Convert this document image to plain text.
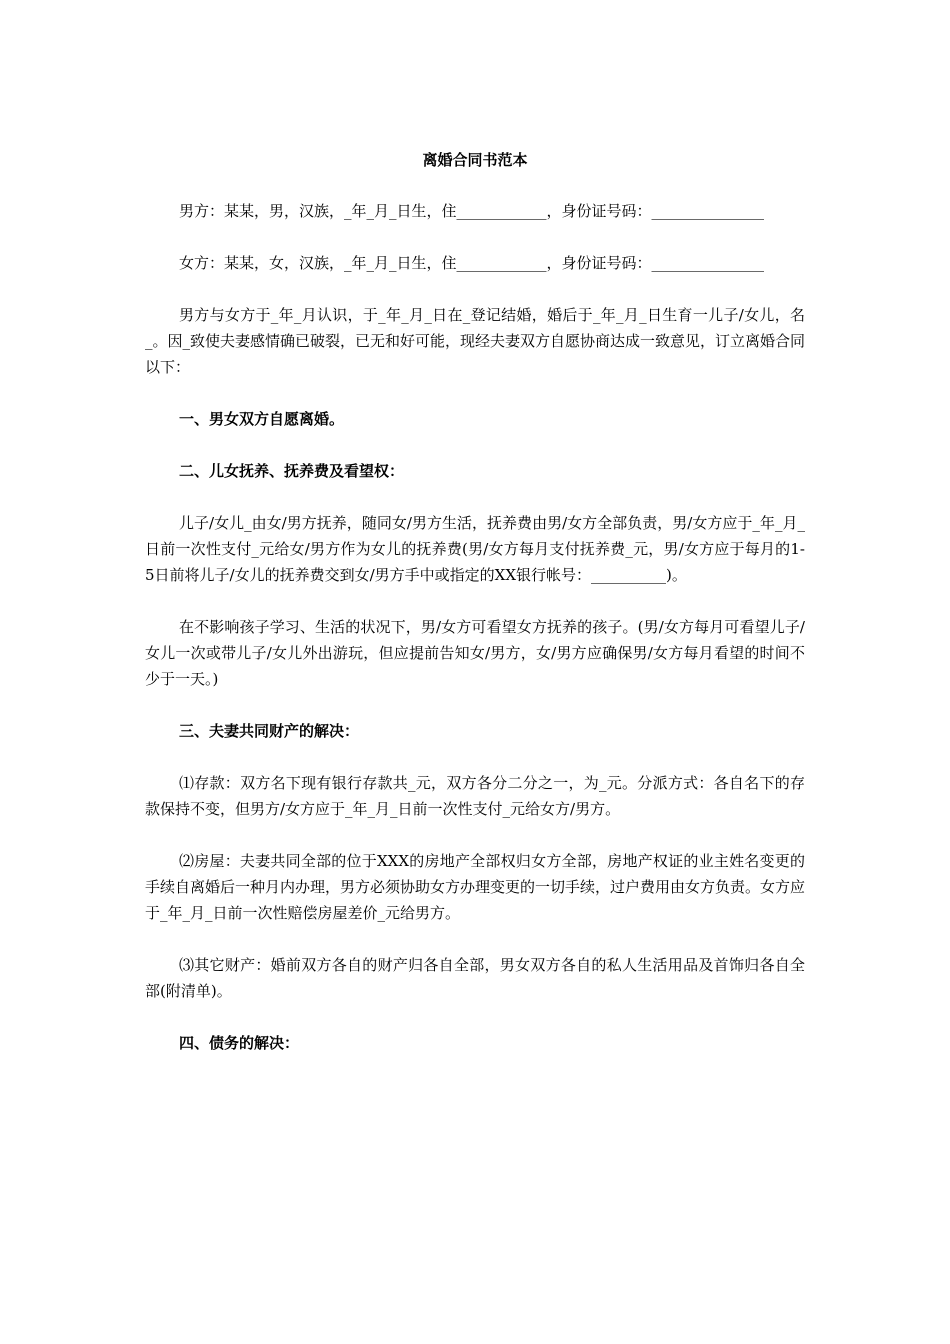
离婚合同书范本
男方：某某，男，汉族，_年_月_日生，住____________，身份证号码：_______________
女方：某某，女，汉族，_年_月_日生，住____________，身份证号码：_______________
男方与女方于_年_月认识，于_年_月_日在_登记结婚，婚后于_年_月_日生育一儿子/女儿，名_。因_致使夫妻感情确已破裂，已无和好可能，现经夫妻双方自愿协商达成一致意见，订立离婚合同以下：
一、男女双方自愿离婚。
二、儿女抚养、抚养费及看望权：
儿子/女儿_由女/男方抚养，随同女/男方生活，抚养费由男/女方全部负责，男/女方应于_年_月_日前一次性支付_元给女/男方作为女儿的抚养费(男/女方每月支付抚养费_元，男/女方应于每月的1-5日前将儿子/女儿的抚养费交到女/男方手中或指定的XX银行帐号：__________)。
在不影响孩子学习、生活的状况下，男/女方可看望女方抚养的孩子。(男/女方每月可看望儿子/女儿一次或带儿子/女儿外出游玩，但应提前告知女/男方，女/男方应确保男/女方每月看望的时间不少于一天。)
三、夫妻共同财产的解决：
⑴存款：双方名下现有银行存款共_元，双方各分二分之一，为_元。分派方式：各自名下的存款保持不变，但男方/女方应于_年_月_日前一次性支付_元给女方/男方。
⑵房屋：夫妻共同全部的位于XXX的房地产全部权归女方全部，房地产权证的业主姓名变更的手续自离婚后一种月内办理，男方必须协助女方办理变更的一切手续，过户费用由女方负责。女方应于_年_月_日前一次性赔偿房屋差价_元给男方。
⑶其它财产：婚前双方各自的财产归各自全部，男女双方各自的私人生活用品及首饰归各自全部(附清单)。
四、债务的解决：
